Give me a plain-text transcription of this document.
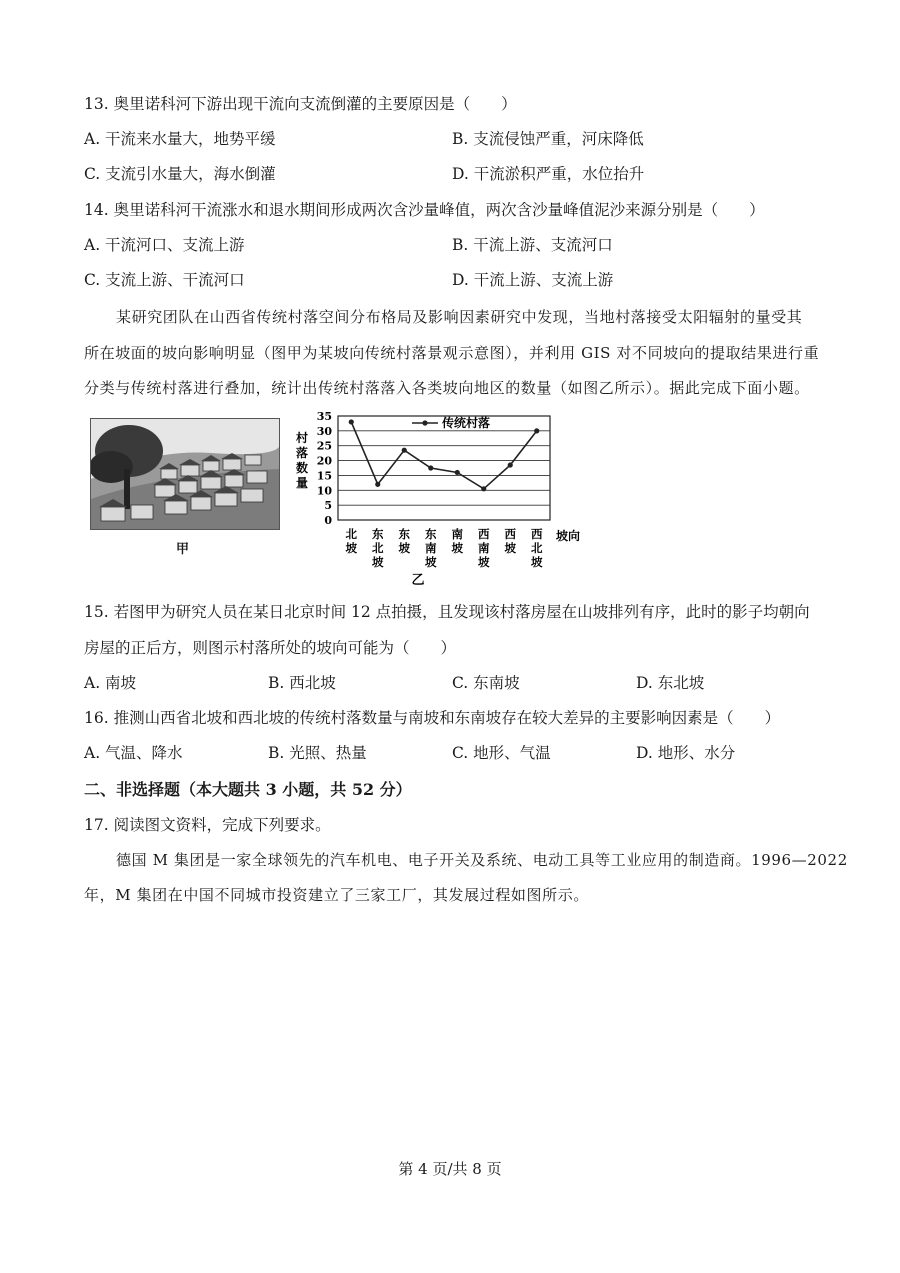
13. 奥里诺科河下游出现干流向支流倒灌的主要原因是（　　）
A. 干流来水量大，地势平缓	B. 支流侵蚀严重，河床降低
C. 支流引水量大，海水倒灌	D. 干流淤积严重，水位抬升
14. 奥里诺科河干流涨水和退水期间形成两次含沙量峰值，两次含沙量峰值泥沙来源分别是（　　）
A. 干流河口、支流上游	B. 干流上游、支流河口
C. 支流上游、干流河口	D. 干流上游、支流上游
某研究团队在山西省传统村落空间分布格局及影响因素研究中发现，当地村落接受太阳辐射的量受其
所在坡面的坡向影响明显（图甲为某坡向传统村落景观示意图），并利用 GIS 对不同坡向的提取结果进行重
分类与传统村落进行叠加，统计出传统村落落入各类坡向地区的数量（如图乙所示）。据此完成下面小题。
甲
0
5
10
15
20
25
30
35
村
落
数
量
北
坡
东
北
坡
东
坡
东
南
坡
南
坡
西
南
坡
西
坡
西
北
坡
坡向
乙
传统村落
15. 若图甲为研究人员在某日北京时间 12 点拍摄，且发现该村落房屋在山坡排列有序，此时的影子均朝向
房屋的正后方，则图示村落所处的坡向可能为（　　）
A. 南坡	B. 西北坡	C. 东南坡	D. 东北坡
16. 推测山西省北坡和西北坡的传统村落数量与南坡和东南坡存在较大差异的主要影响因素是（　　）
A. 气温、降水	B. 光照、热量	C. 地形、气温	D. 地形、水分
二、非选择题（本大题共 3 小题，共 52 分）
17. 阅读图文资料，完成下列要求。
德国 M 集团是一家全球领先的汽车机电、电子开关及系统、电动工具等工业应用的制造商。1996—2022
年，M 集团在中国不同城市投资建立了三家工厂，其发展过程如图所示。
第 4 页/共 8 页
